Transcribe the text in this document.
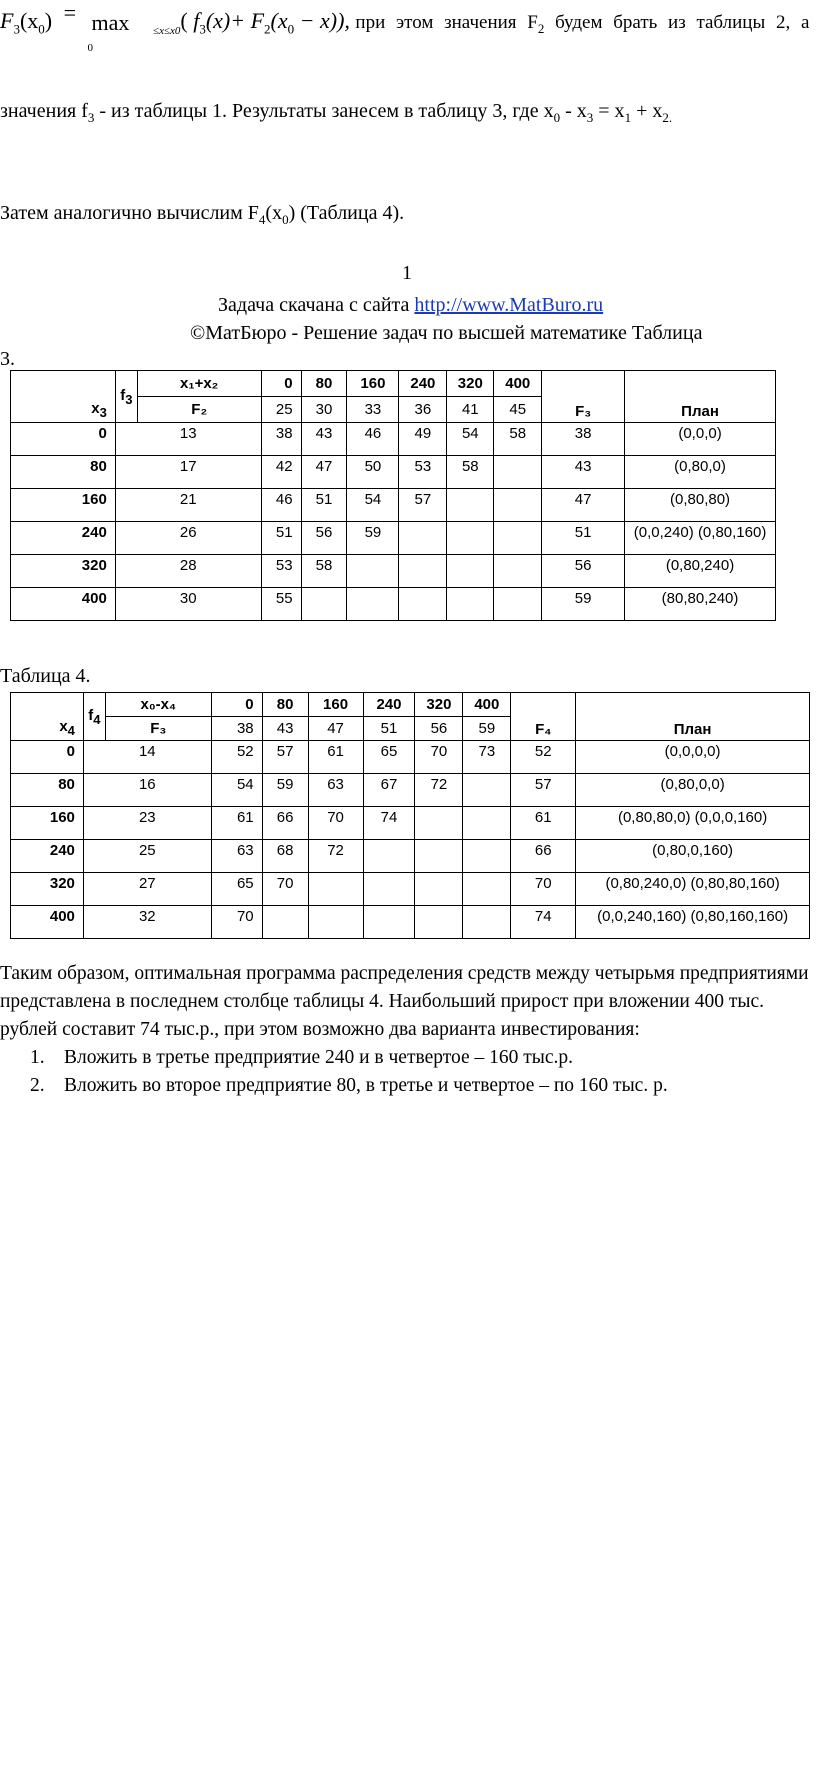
$F_3(x_0) = \max$
0
$_{\le x\le x0}$( $f_3(x)+ F_2(x_0 - x)$), при этом значения $F_2$ будем брать из таблицы 2, а
значения $f_3$ - из таблицы 1. Результаты занесем в таблицу 3, где $x_0 - x_3 = x_1 + x_{2.}$
Затем аналогично вычислим $F_4(x_0)$ (Таблица 4).
1
Задача скачана с сайта http://www.MatBuro.ru
©МатБюро - Решение задач по высшей математике Таблица
3.
$x_3$	$f_3$	x₁+x₂	0	80	160	240	320	400	F₃	План
		F₂	25	30	33	36	41	45		
0	13		38	43	46	49	54	58	38	(0,0,0)
80	17		42	47	50	53	58		43	(0,80,0)
160	21		46	51	54	57			47	(0,80,80)
240	26		51	56	59				51	(0,0,240) (0,80,160)
320	28		53	58					56	(0,80,240)
400	30		55						59	(80,80,240)
Таблица 4.
$x_4$	$f_4$	x₀-x₄	0	80	160	240	320	400	F₄	План
		F₃	38	43	47	51	56	59		
0	14		52	57	61	65	70	73	52	(0,0,0,0)
80	16		54	59	63	67	72		57	(0,80,0,0)
160	23		61	66	70	74			61	(0,80,80,0) (0,0,0,160)
240	25		63	68	72				66	(0,80,0,160)
320	27		65	70					70	(0,80,240,0) (0,80,80,160)
400	32		70						74	(0,0,240,160) (0,80,160,160)
Таким образом, оптимальная программа распределения средств между четырьмя предприятиями
представлена в последнем столбце таблицы 4. Наибольший прирост при вложении 400 тыс.
рублей составит 74 тыс.р., при этом возможно два варианта инвестирования:
1. Вложить в третье предприятие 240 и в четвертое – 160 тыс.р.
2. Вложить во второе предприятие 80, в третье и четвертое – по 160 тыс. р.
